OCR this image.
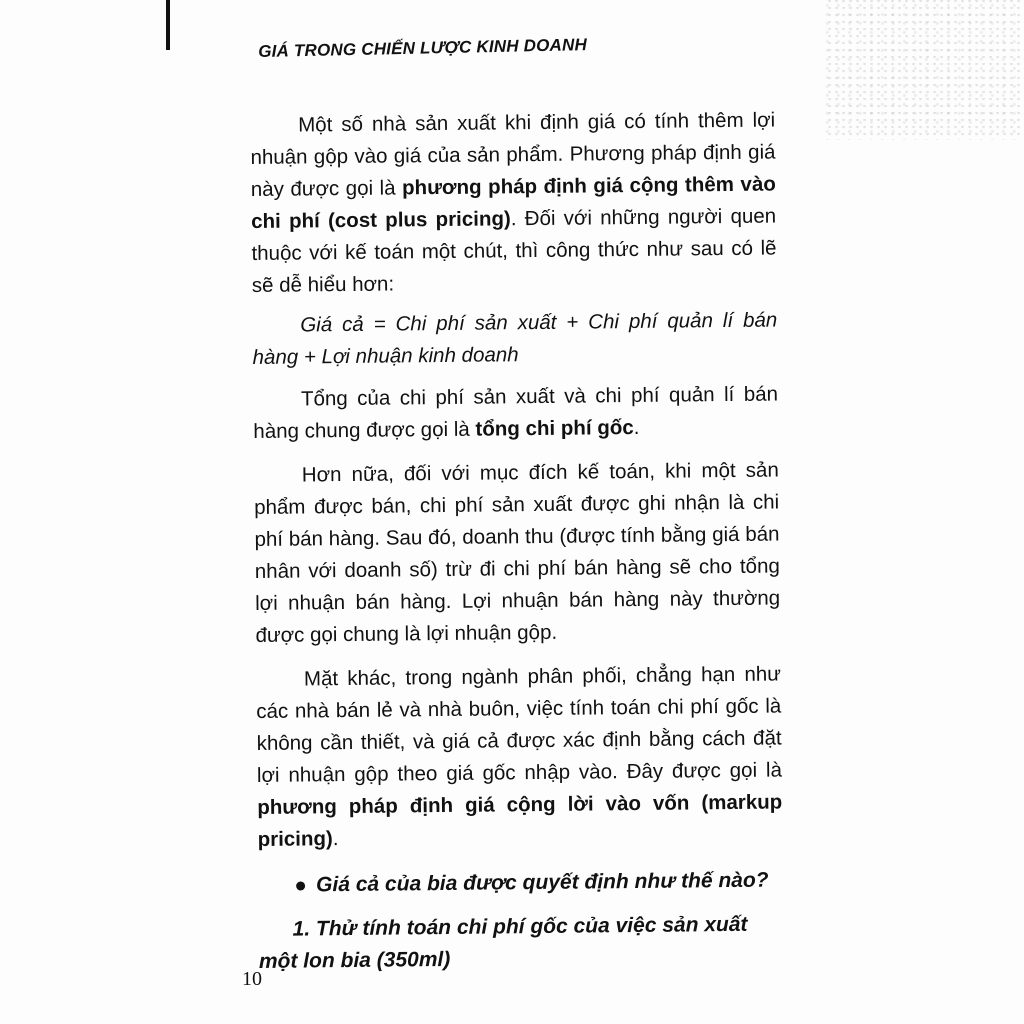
GIÁ TRONG CHIẾN LƯỢC KINH DOANH

Một số nhà sản xuất khi định giá có tính thêm lợi nhuận gộp vào giá của sản phẩm. Phương pháp định giá này được gọi là phương pháp định giá cộng thêm vào chi phí (cost plus pricing). Đối với những người quen thuộc với kế toán một chút, thì công thức như sau có lẽ sẽ dễ hiểu hơn:

Giá cả = Chi phí sản xuất + Chi phí quản lí bán hàng + Lợi nhuận kinh doanh

Tổng của chi phí sản xuất và chi phí quản lí bán hàng chung được gọi là tổng chi phí gốc.

Hơn nữa, đối với mục đích kế toán, khi một sản phẩm được bán, chi phí sản xuất được ghi nhận là chi phí bán hàng. Sau đó, doanh thu (được tính bằng giá bán nhân với doanh số) trừ đi chi phí bán hàng sẽ cho tổng lợi nhuận bán hàng. Lợi nhuận bán hàng này thường được gọi chung là lợi nhuận gộp.

Mặt khác, trong ngành phân phối, chẳng hạn như các nhà bán lẻ và nhà buôn, việc tính toán chi phí gốc là không cần thiết, và giá cả được xác định bằng cách đặt lợi nhuận gộp theo giá gốc nhập vào. Đây được gọi là phương pháp định giá cộng lời vào vốn (markup pricing).

Giá cả của bia được quyết định như thế nào?
1. Thử tính toán chi phí gốc của việc sản xuất một lon bia (350ml)
10
